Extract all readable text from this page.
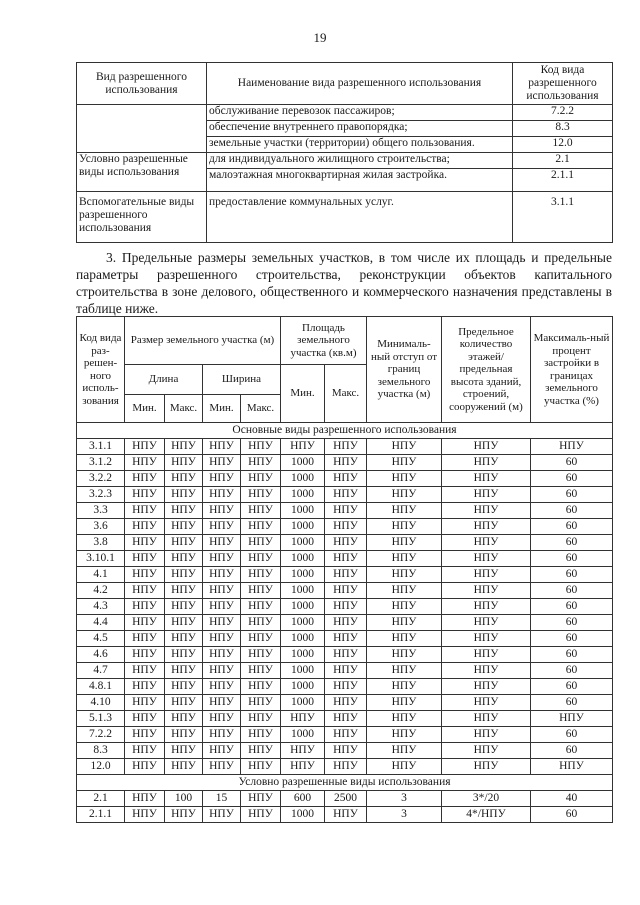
19
Вид разрешенного использования	Наименование вида разрешенного использования	Код вида разрешенного использования
	обслуживание перевозок пассажиров;	7.2.2
	обеспечение внутреннего правопорядка;	8.3
	земельные участки (территории) общего пользования.	12.0
Условно разрешенные виды использования	для индивидуального жилищного строительства;	2.1
	малоэтажная многоквартирная жилая застройка.	2.1.1
Вспомогательные виды разрешенного использования	предоставление коммунальных услуг.	3.1.1
3. Предельные размеры земельных участков, в том числе их площадь и предельные параметры разрешенного строительства, реконструкции объектов капитального строительства в зоне делового, общественного и коммерческого назначения представлены в таблице ниже.
Код вида раз-решен-ного исполь-зования	Размер земельного участка (м)				Площадь земельного участка (кв.м)		Минималь-ный отступ от границ земельного участка (м)	Предельное количество этажей/ предельная высота зданий, строений, сооружений (м)	Максималь-ный процент застройки в границах земельного участка (%)
	Длина		Ширина		Мин.	Макс.			
	Мин.	Макс.	Мин.	Макс.					
Основные виды разрешенного использования									
3.1.1	НПУ	НПУ	НПУ	НПУ	НПУ	НПУ	НПУ	НПУ	НПУ
3.1.2	НПУ	НПУ	НПУ	НПУ	1000	НПУ	НПУ	НПУ	60
3.2.2	НПУ	НПУ	НПУ	НПУ	1000	НПУ	НПУ	НПУ	60
3.2.3	НПУ	НПУ	НПУ	НПУ	1000	НПУ	НПУ	НПУ	60
3.3	НПУ	НПУ	НПУ	НПУ	1000	НПУ	НПУ	НПУ	60
3.6	НПУ	НПУ	НПУ	НПУ	1000	НПУ	НПУ	НПУ	60
3.8	НПУ	НПУ	НПУ	НПУ	1000	НПУ	НПУ	НПУ	60
3.10.1	НПУ	НПУ	НПУ	НПУ	1000	НПУ	НПУ	НПУ	60
4.1	НПУ	НПУ	НПУ	НПУ	1000	НПУ	НПУ	НПУ	60
4.2	НПУ	НПУ	НПУ	НПУ	1000	НПУ	НПУ	НПУ	60
4.3	НПУ	НПУ	НПУ	НПУ	1000	НПУ	НПУ	НПУ	60
4.4	НПУ	НПУ	НПУ	НПУ	1000	НПУ	НПУ	НПУ	60
4.5	НПУ	НПУ	НПУ	НПУ	1000	НПУ	НПУ	НПУ	60
4.6	НПУ	НПУ	НПУ	НПУ	1000	НПУ	НПУ	НПУ	60
4.7	НПУ	НПУ	НПУ	НПУ	1000	НПУ	НПУ	НПУ	60
4.8.1	НПУ	НПУ	НПУ	НПУ	1000	НПУ	НПУ	НПУ	60
4.10	НПУ	НПУ	НПУ	НПУ	1000	НПУ	НПУ	НПУ	60
5.1.3	НПУ	НПУ	НПУ	НПУ	НПУ	НПУ	НПУ	НПУ	НПУ
7.2.2	НПУ	НПУ	НПУ	НПУ	1000	НПУ	НПУ	НПУ	60
8.3	НПУ	НПУ	НПУ	НПУ	НПУ	НПУ	НПУ	НПУ	60
12.0	НПУ	НПУ	НПУ	НПУ	НПУ	НПУ	НПУ	НПУ	НПУ
Условно разрешенные виды использования									
2.1	НПУ	100	15	НПУ	600	2500	3	3*/20	40
2.1.1	НПУ	НПУ	НПУ	НПУ	1000	НПУ	3	4*/НПУ	60
